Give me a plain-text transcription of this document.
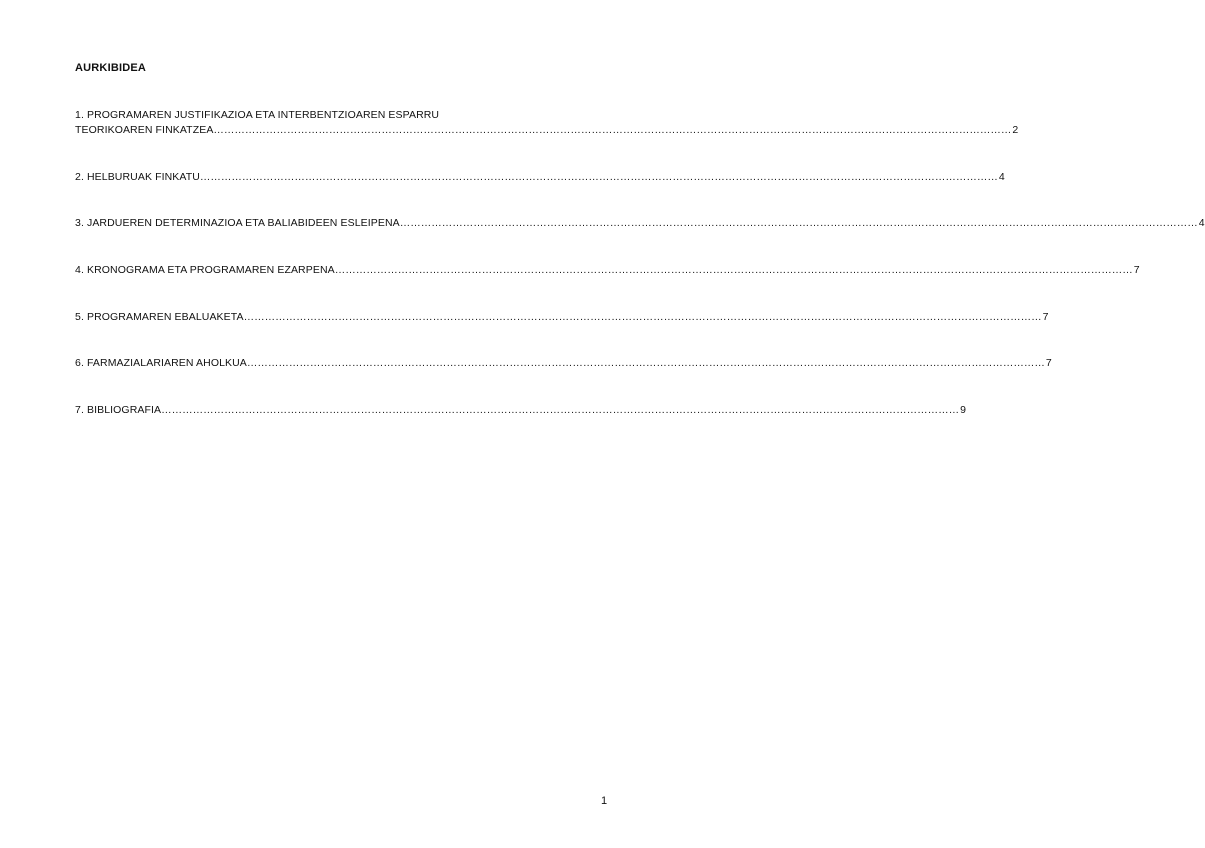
AURKIBIDEA
1. PROGRAMAREN JUSTIFIKAZIOA ETA INTERBENTZIOAREN ESPARRU
TEORIKOAREN FINKATZEA ………………………………………………………………………………………………………………………………………………………………………………………………………… 2
2. HELBURUAK FINKATU ………………………………………………………………………………………………………………………………………………………………………………………………………… 4
3. JARDUEREN DETERMINAZIOA ETA BALIABIDEEN ESLEIPENA ………………………………………………………………………………………………………………………………………………………………………………………………………… 4
4. KRONOGRAMA ETA PROGRAMAREN EZARPENA ………………………………………………………………………………………………………………………………………………………………………………………………………… 7
5. PROGRAMAREN EBALUAKETA ………………………………………………………………………………………………………………………………………………………………………………………………………… 7
6. FARMAZIALARIAREN AHOLKUA ………………………………………………………………………………………………………………………………………………………………………………………………………… 7
7. BIBLIOGRAFIA ………………………………………………………………………………………………………………………………………………………………………………………………………… 9
1
